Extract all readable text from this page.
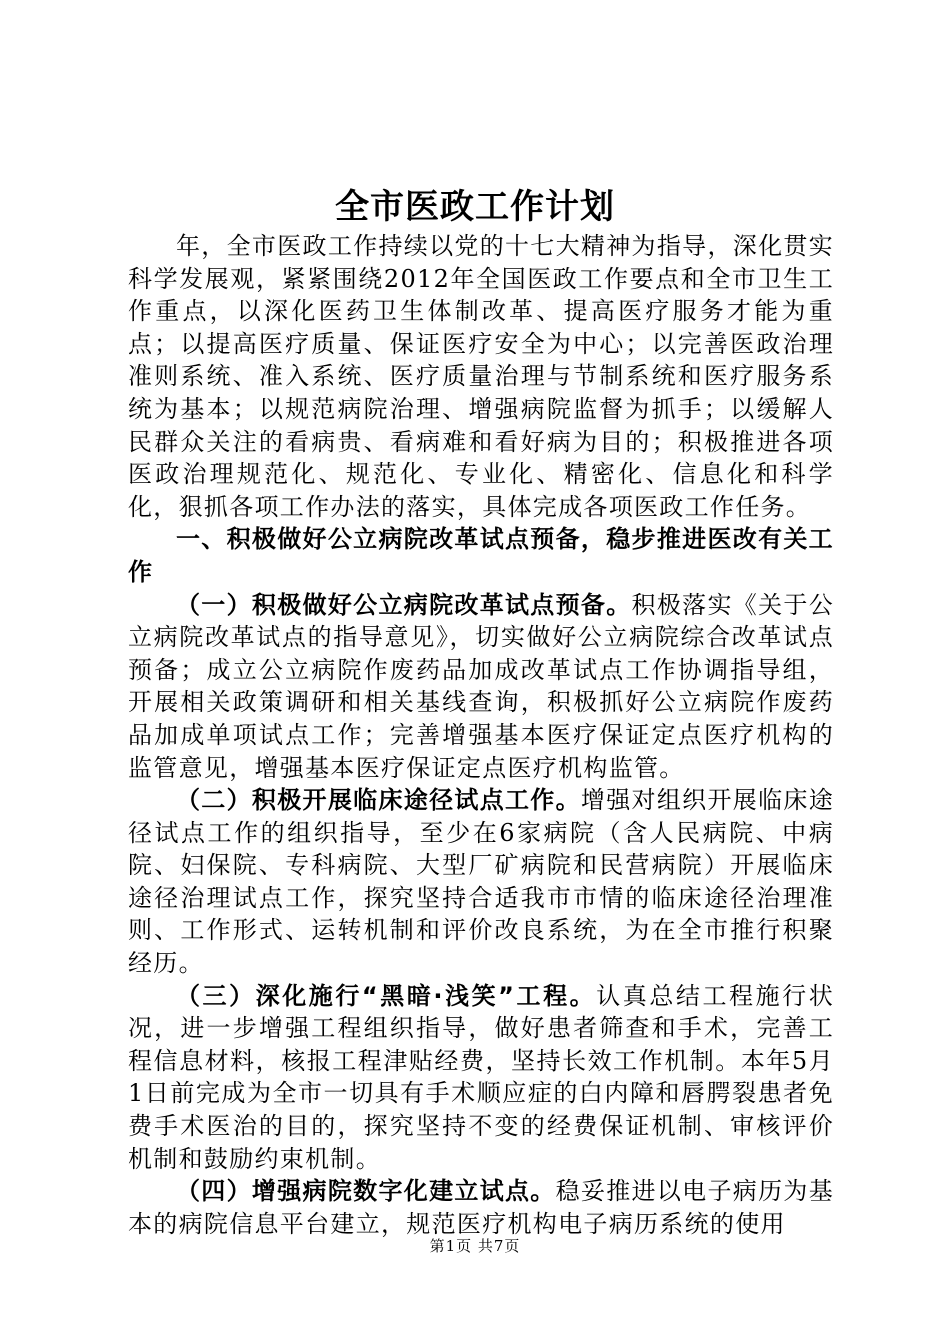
全市医政工作计划

年，全市医政工作持续以党的十七大精神为指导，深化贯实科学发展观，紧紧围绕2012年全国医政工作要点和全市卫生工作重点，以深化医药卫生体制改革、提高医疗服务才能为重点；以提高医疗质量、保证医疗安全为中心；以完善医政治理准则系统、准入系统、医疗质量治理与节制系统和医疗服务系统为基本；以规范病院治理、增强病院监督为抓手；以缓解人民群众关注的看病贵、看病难和看好病为目的；积极推进各项医政治理规范化、规范化、专业化、精密化、信息化和科学化，狠抓各项工作办法的落实，具体完成各项医政工作任务。

一、积极做好公立病院改革试点预备，稳步推进医改有关工作

（一）积极做好公立病院改革试点预备。积极落实《关于公立病院改革试点的指导意见》，切实做好公立病院综合改革试点预备；成立公立病院作废药品加成改革试点工作协调指导组，开展相关政策调研和相关基线查询，积极抓好公立病院作废药品加成单项试点工作；完善增强基本医疗保证定点医疗机构的监管意见，增强基本医疗保证定点医疗机构监管。

（二）积极开展临床途径试点工作。增强对组织开展临床途径试点工作的组织指导，至少在6家病院（含人民病院、中病院、妇保院、专科病院、大型厂矿病院和民营病院）开展临床途径治理试点工作，探究坚持合适我市市情的临床途径治理准则、工作形式、运转机制和评价改良系统，为在全市推行积聚经历。

（三）深化施行“黑暗·浅笑”工程。认真总结工程施行状况，进一步增强工程组织指导，做好患者筛查和手术，完善工程信息材料，核报工程津贴经费，坚持长效工作机制。本年5月1日前完成为全市一切具有手术顺应症的白内障和唇腭裂患者免费手术医治的目的，探究坚持不变的经费保证机制、审核评价机制和鼓励约束机制。

（四）增强病院数字化建立试点。稳妥推进以电子病历为基本的病院信息平台建立，规范医疗机构电子病历系统的使用

第1页 共7页
